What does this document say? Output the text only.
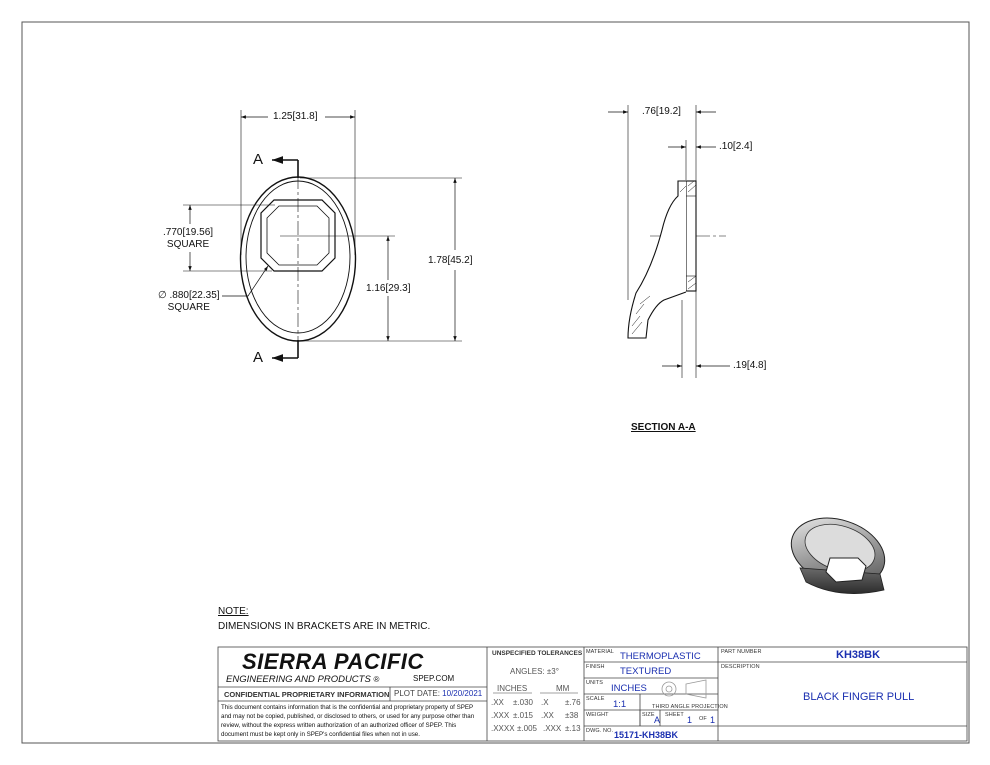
1.25[31.8]
1.78[45.2]
1.16[29.3]
.770[19.56]
SQUARE
∅ .880[22.35]
SQUARE
A
A
.76[19.2]
.10[2.4]
.19[4.8]
SECTION A-A
NOTE:
DIMENSIONS IN BRACKETS ARE IN METRIC.
SIERRA PACIFIC
ENGINEERING AND PRODUCTS ®	SPEP.COM
CONFIDENTIAL PROPRIETARY INFORMATION PLOT DATE: 10/20/2021
This document contains information that is the confidential and proprietary property of SPEP and may not be copied, published, or disclosed to others, or used for any purpose other than review, without the express written authorization of an authorized officer of SPEP. This document must be kept only in SPEP's confidential files when not in use.
UNSPECIFIED TOLERANCES
ANGLES: ±3°
INCHES	MM
.XX ±.030 .X ±.76
.XXX ±.015 .XX ±38
.XXXX ±.005 .XXX ±.13
MATERIAL THERMOPLASTIC
FINISH TEXTURED
UNITS INCHES
SCALE 1:1	THIRD ANGLE PROJECTION
WEIGHT	SIZE A SHEET 1 OF 1
DWG. NO. 15171-KH38BK
PART NUMBER	KH38BK
DESCRIPTION
BLACK FINGER PULL
